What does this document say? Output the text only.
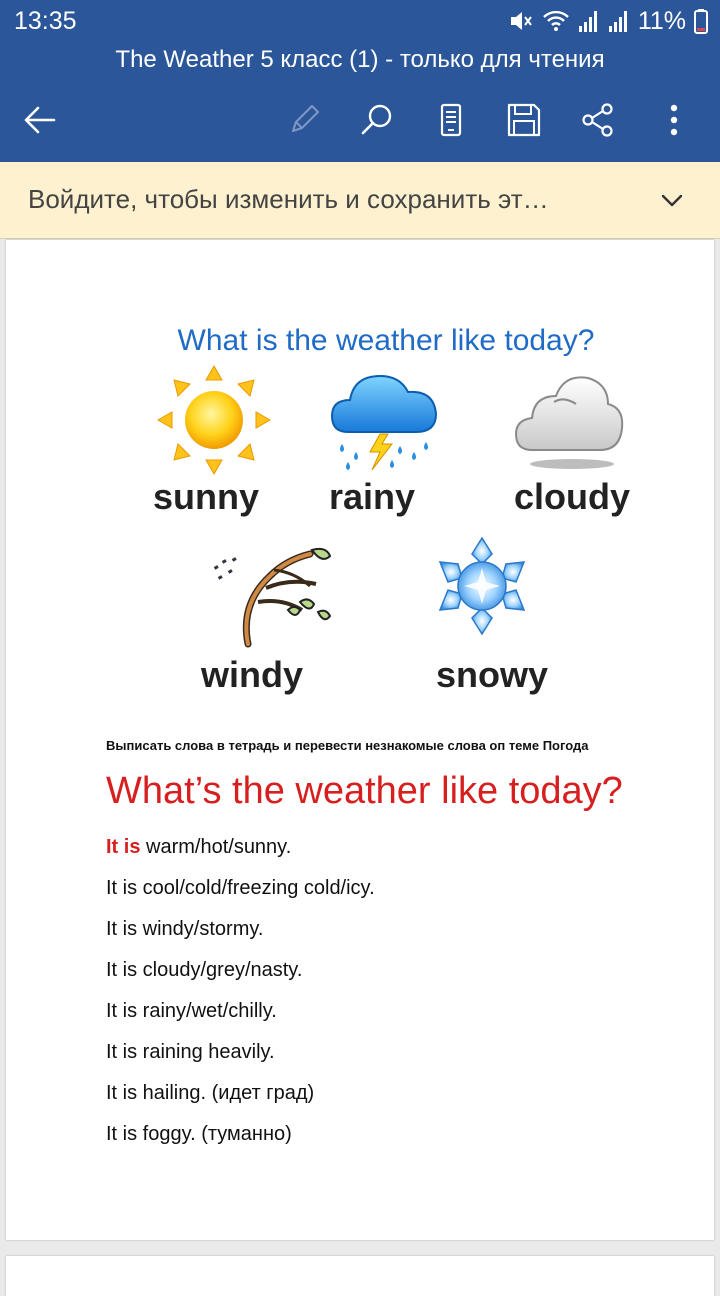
13:35	11%
The Weather 5 класс (1) - только для чтения
Войдите, чтобы изменить и сохранить эт…
What is the weather like today?
sunny	rainy	cloudy
windy	snowy
Выписать слова в тетрадь и перевести незнакомые слова оп теме Погода
What’s the weather like today?
It is warm/hot/sunny.
It is cool/cold/freezing cold/icy.
It is windy/stormy.
It is cloudy/grey/nasty.
It is rainy/wet/chilly.
It is raining heavily.
It is hailing. (идет град)
It is foggy. (туманно)
